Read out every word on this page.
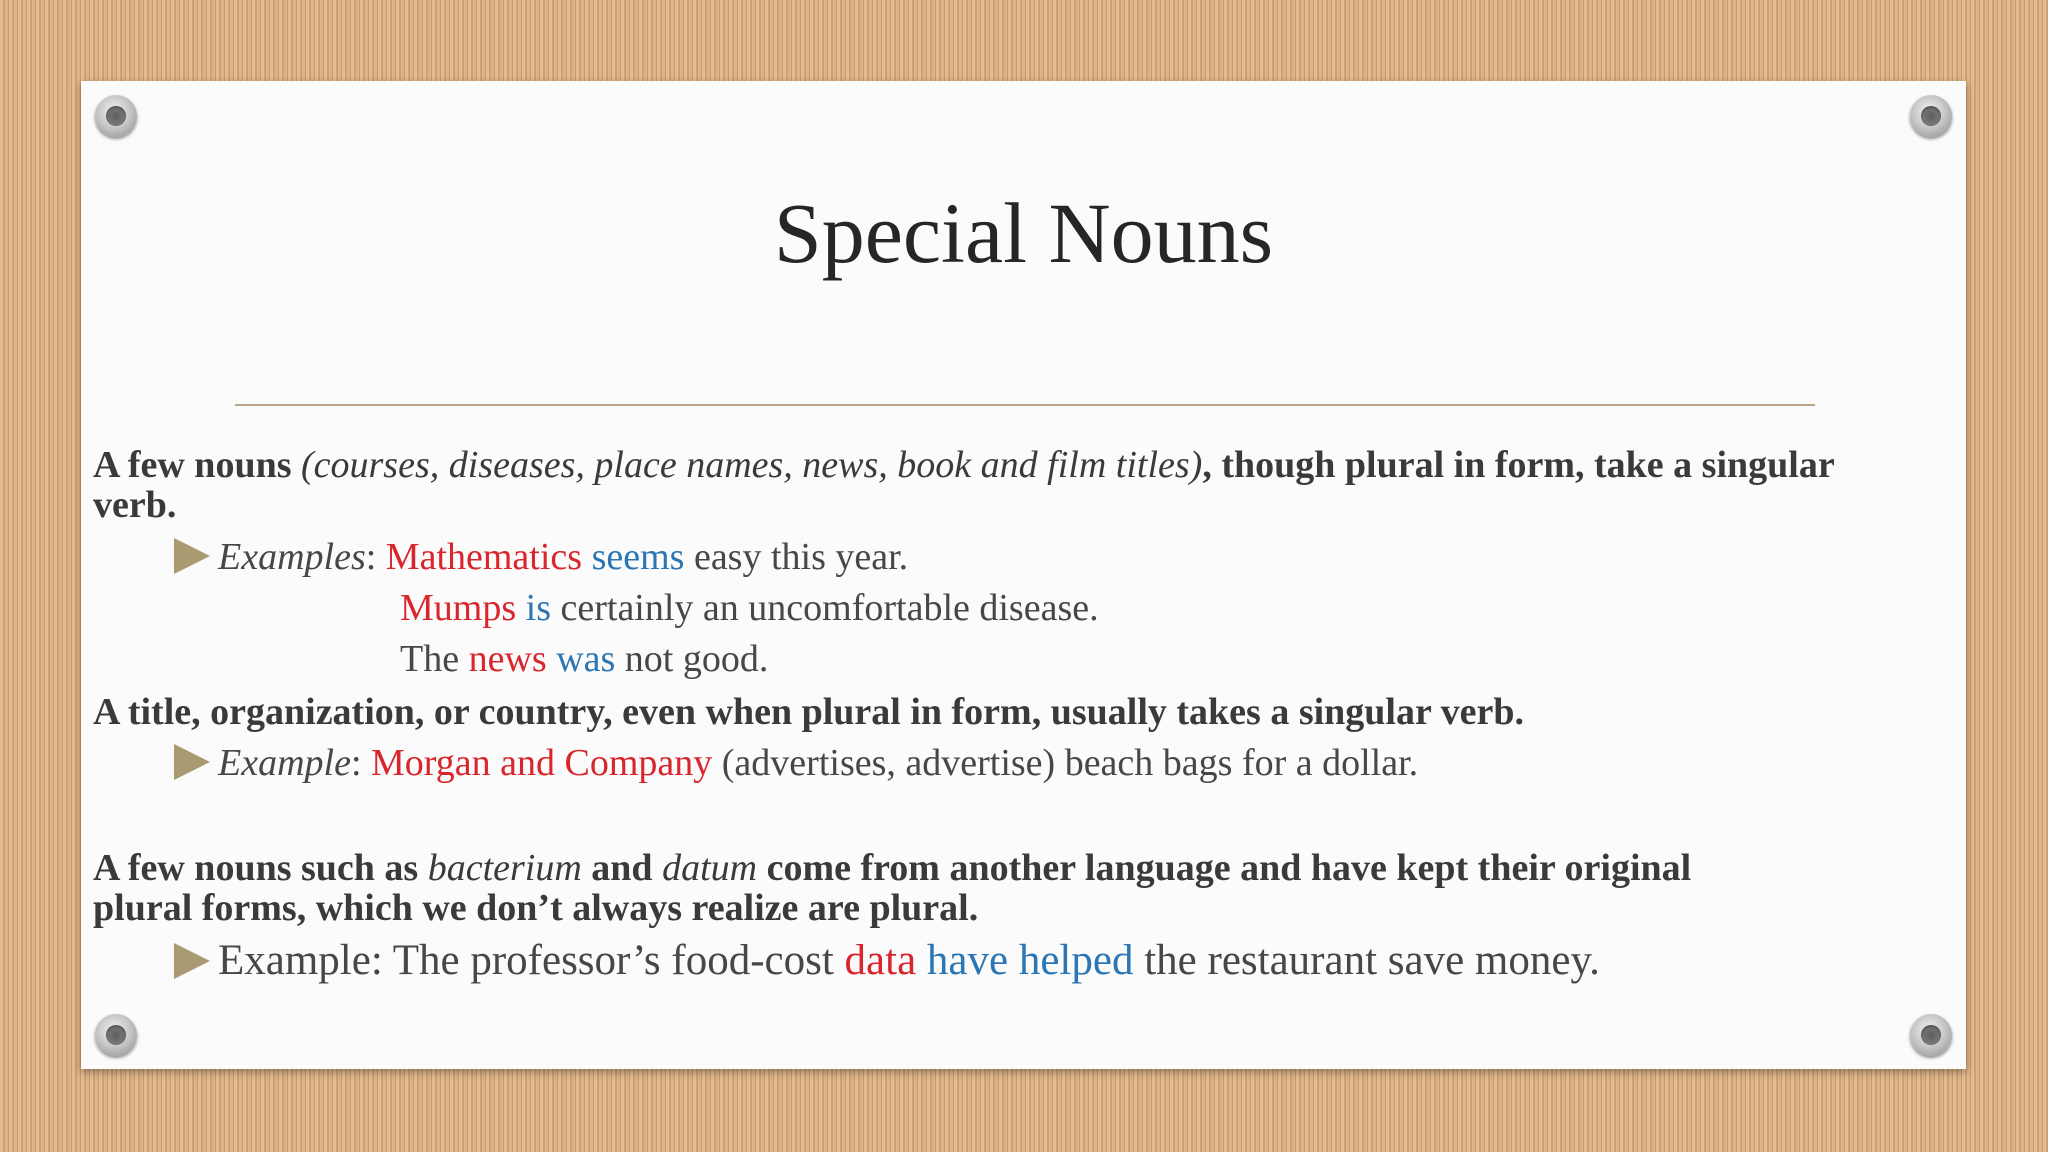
Special Nouns
A few nouns (courses, diseases, place names, news, book and film titles), though plural in form, take a singular
verb.
Examples: Mathematics seems easy this year.
Mumps is certainly an uncomfortable disease.
The news was not good.
A title, organization, or country, even when plural in form, usually takes a singular verb.
Example: Morgan and Company (advertises, advertise) beach bags for a dollar.
A few nouns such as bacterium and datum come from another language and have kept their original
plural forms, which we don’t always realize are plural.
Example: The professor’s food-cost data have helped the restaurant save money.
